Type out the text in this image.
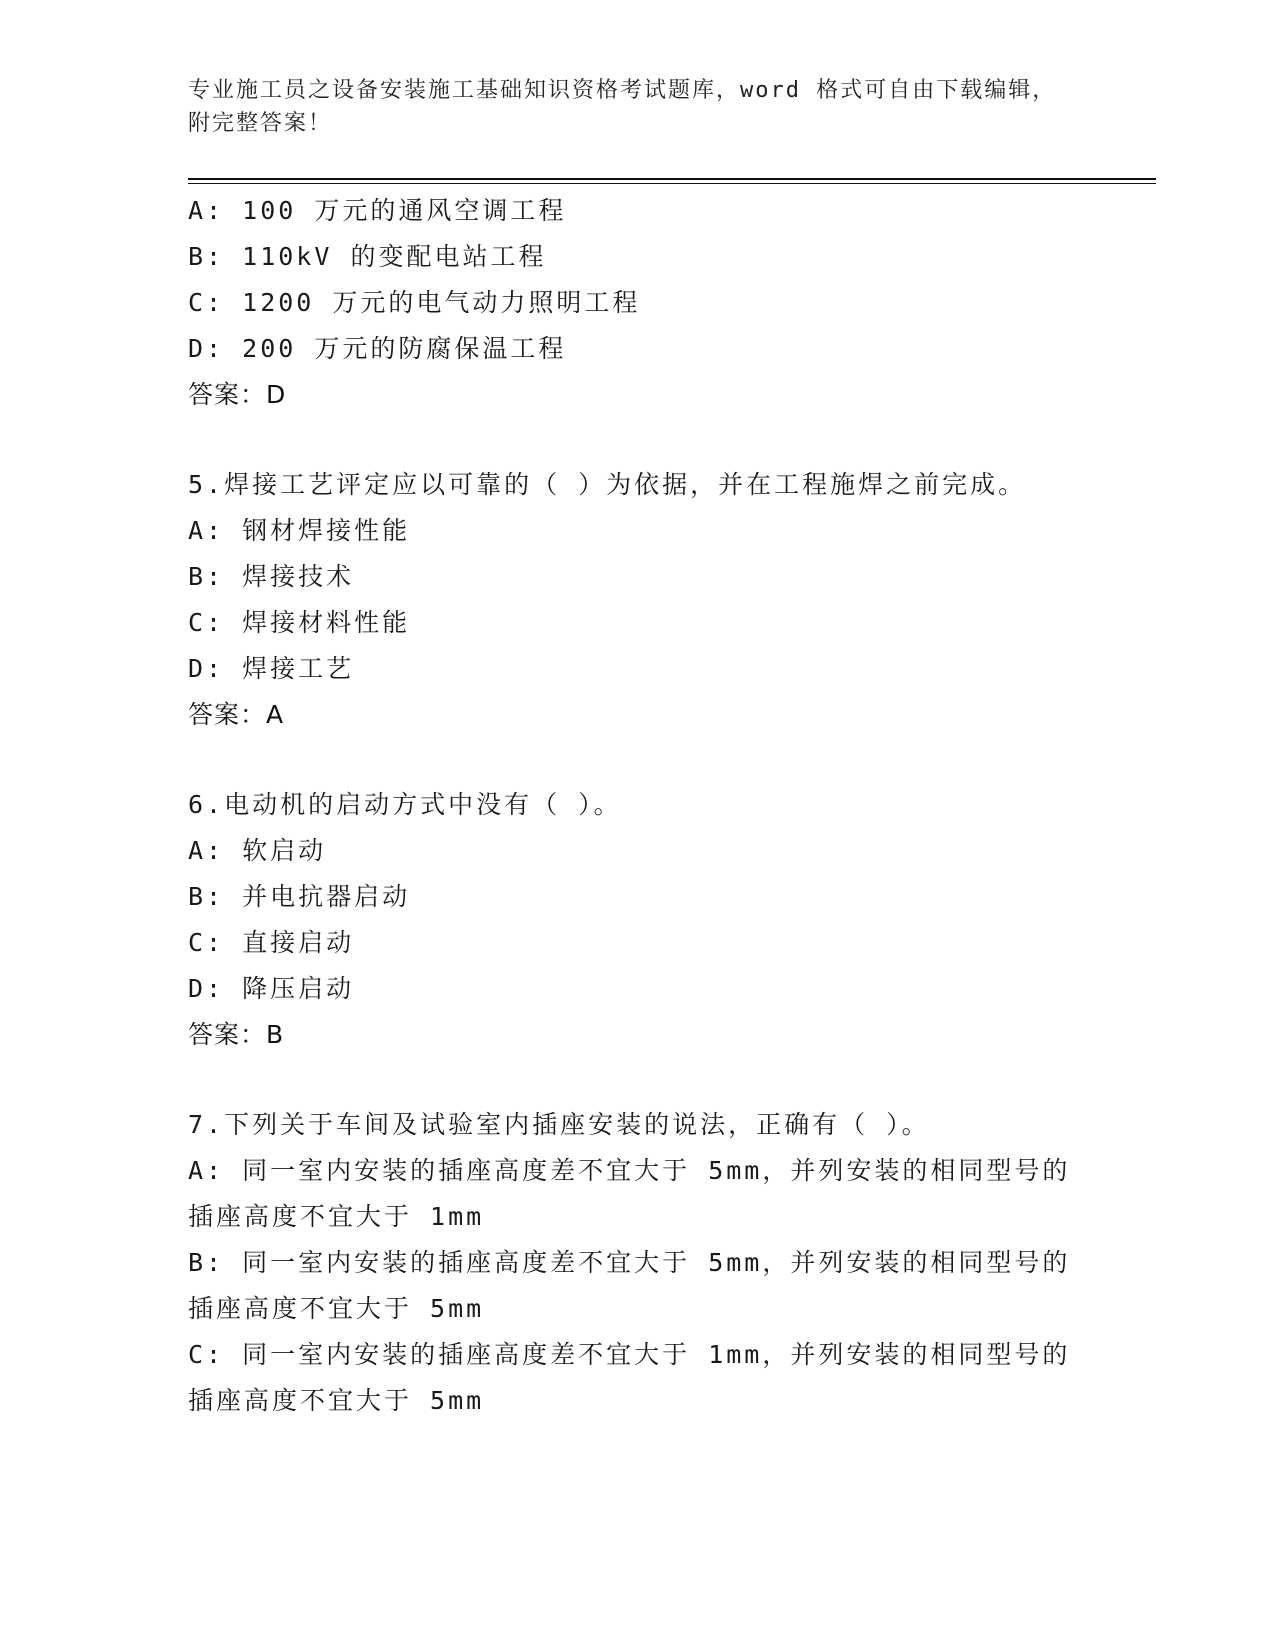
专业施工员之设备安装施工基础知识资格考试题库，word 格式可自由下载编辑，
附完整答案！
A: 100 万元的通风空调工程
B: 110kV 的变配电站工程
C: 1200 万元的电气动力照明工程
D: 200 万元的防腐保温工程
答案：D
5.焊接工艺评定应以可靠的（ ）为依据，并在工程施焊之前完成。
A: 钢材焊接性能
B: 焊接技术
C: 焊接材料性能
D: 焊接工艺
答案：A
6.电动机的启动方式中没有（ ）。
A: 软启动
B: 并电抗器启动
C: 直接启动
D: 降压启动
答案：B
7.下列关于车间及试验室内插座安装的说法，正确有（ ）。
A: 同一室内安装的插座高度差不宜大于 5mm，并列安装的相同型号的
插座高度不宜大于 1mm
B: 同一室内安装的插座高度差不宜大于 5mm，并列安装的相同型号的
插座高度不宜大于 5mm
C: 同一室内安装的插座高度差不宜大于 1mm，并列安装的相同型号的
插座高度不宜大于 5mm
